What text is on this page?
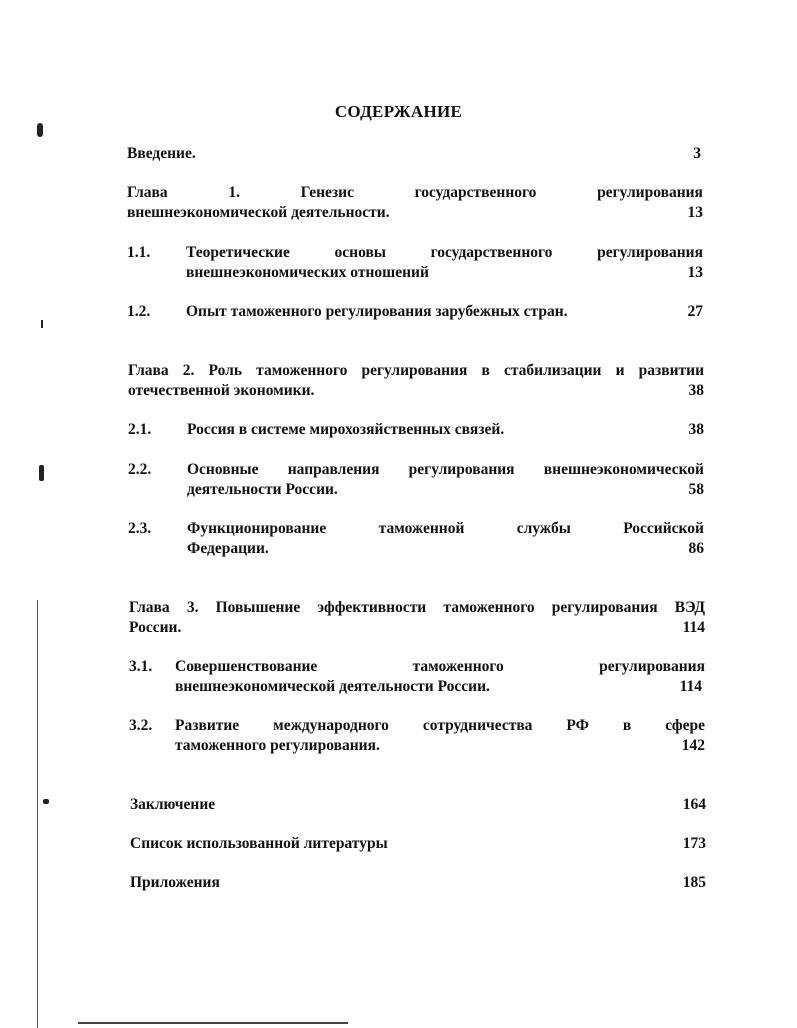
СОДЕРЖАНИЕ
Введение.	3
Глава	1.	Генезис	государственного	регулирования
внешнеэкономической деятельности.	13
1.1.	Теоретические	основы	государственного	регулирования
внешнеэкономических отношений	13
1.2.	Опыт таможенного регулирования зарубежных стран.	27
Глава 2. Роль таможенного регулирования в стабилизации и развитии
отечественной экономики.	38
2.1.	Россия в системе мирохозяйственных связей.	38
2.2.	Основные направления регулирования внешнеэкономической
деятельности России.	58
2.3.	Функционирование	таможенной	службы	Российской
Федерации.	86
Глава 3. Повышение эффективности таможенного регулирования ВЭД
России.	114
3.1.	Совершенствование	таможенного	регулирования
внешнеэкономической деятельности России.	114
3.2.	Развитие международного сотрудничества РФ в сфере
таможенного регулирования.	142
Заключение	164
Список использованной литературы	173
Приложения	185
